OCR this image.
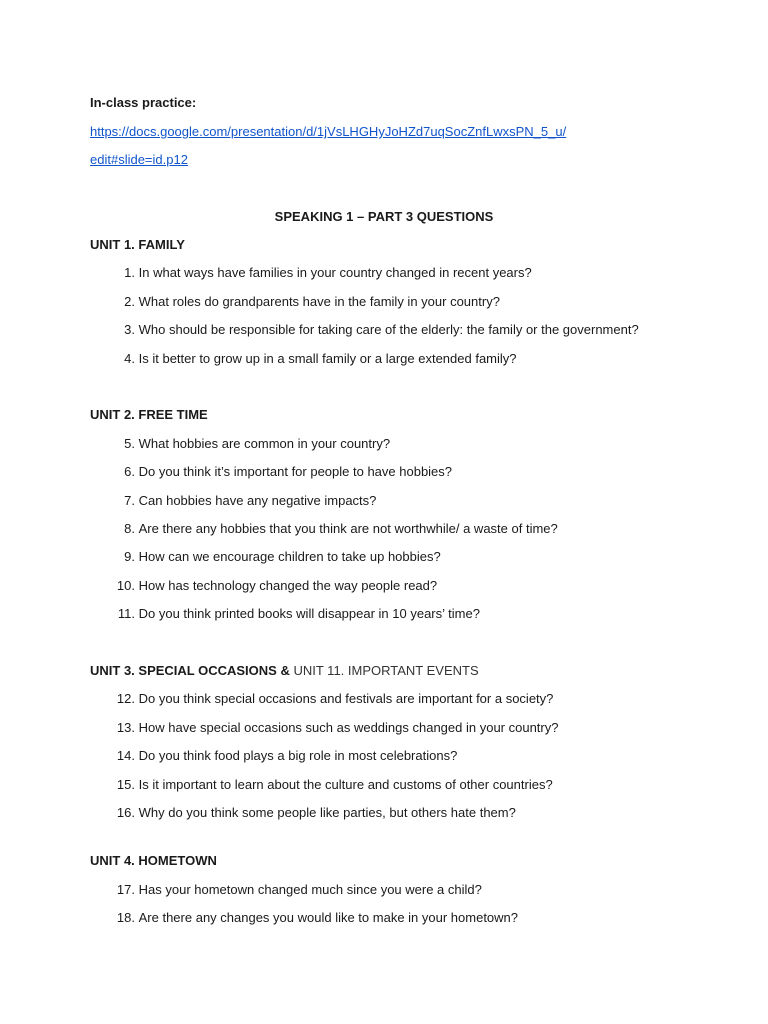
In-class practice:
https://docs.google.com/presentation/d/1jVsLHGHyJoHZd7uqSocZnfLwxsPN_5_u/
edit#slide=id.p12
SPEAKING 1 – PART 3 QUESTIONS
UNIT 1. FAMILY
1. In what ways have families in your country changed in recent years?
2. What roles do grandparents have in the family in your country?
3. Who should be responsible for taking care of the elderly: the family or the government?
4. Is it better to grow up in a small family or a large extended family?
UNIT 2. FREE TIME
5. What hobbies are common in your country?
6. Do you think it’s important for people to have hobbies?
7. Can hobbies have any negative impacts?
8. Are there any hobbies that you think are not worthwhile/ a waste of time?
9. How can we encourage children to take up hobbies?
10. How has technology changed the way people read?
11. Do you think printed books will disappear in 10 years’ time?
UNIT 3. SPECIAL OCCASIONS & UNIT 11. IMPORTANT EVENTS
12. Do you think special occasions and festivals are important for a society?
13. How have special occasions such as weddings changed in your country?
14. Do you think food plays a big role in most celebrations?
15. Is it important to learn about the culture and customs of other countries?
16. Why do you think some people like parties, but others hate them?
UNIT 4. HOMETOWN
17. Has your hometown changed much since you were a child?
18. Are there any changes you would like to make in your hometown?
